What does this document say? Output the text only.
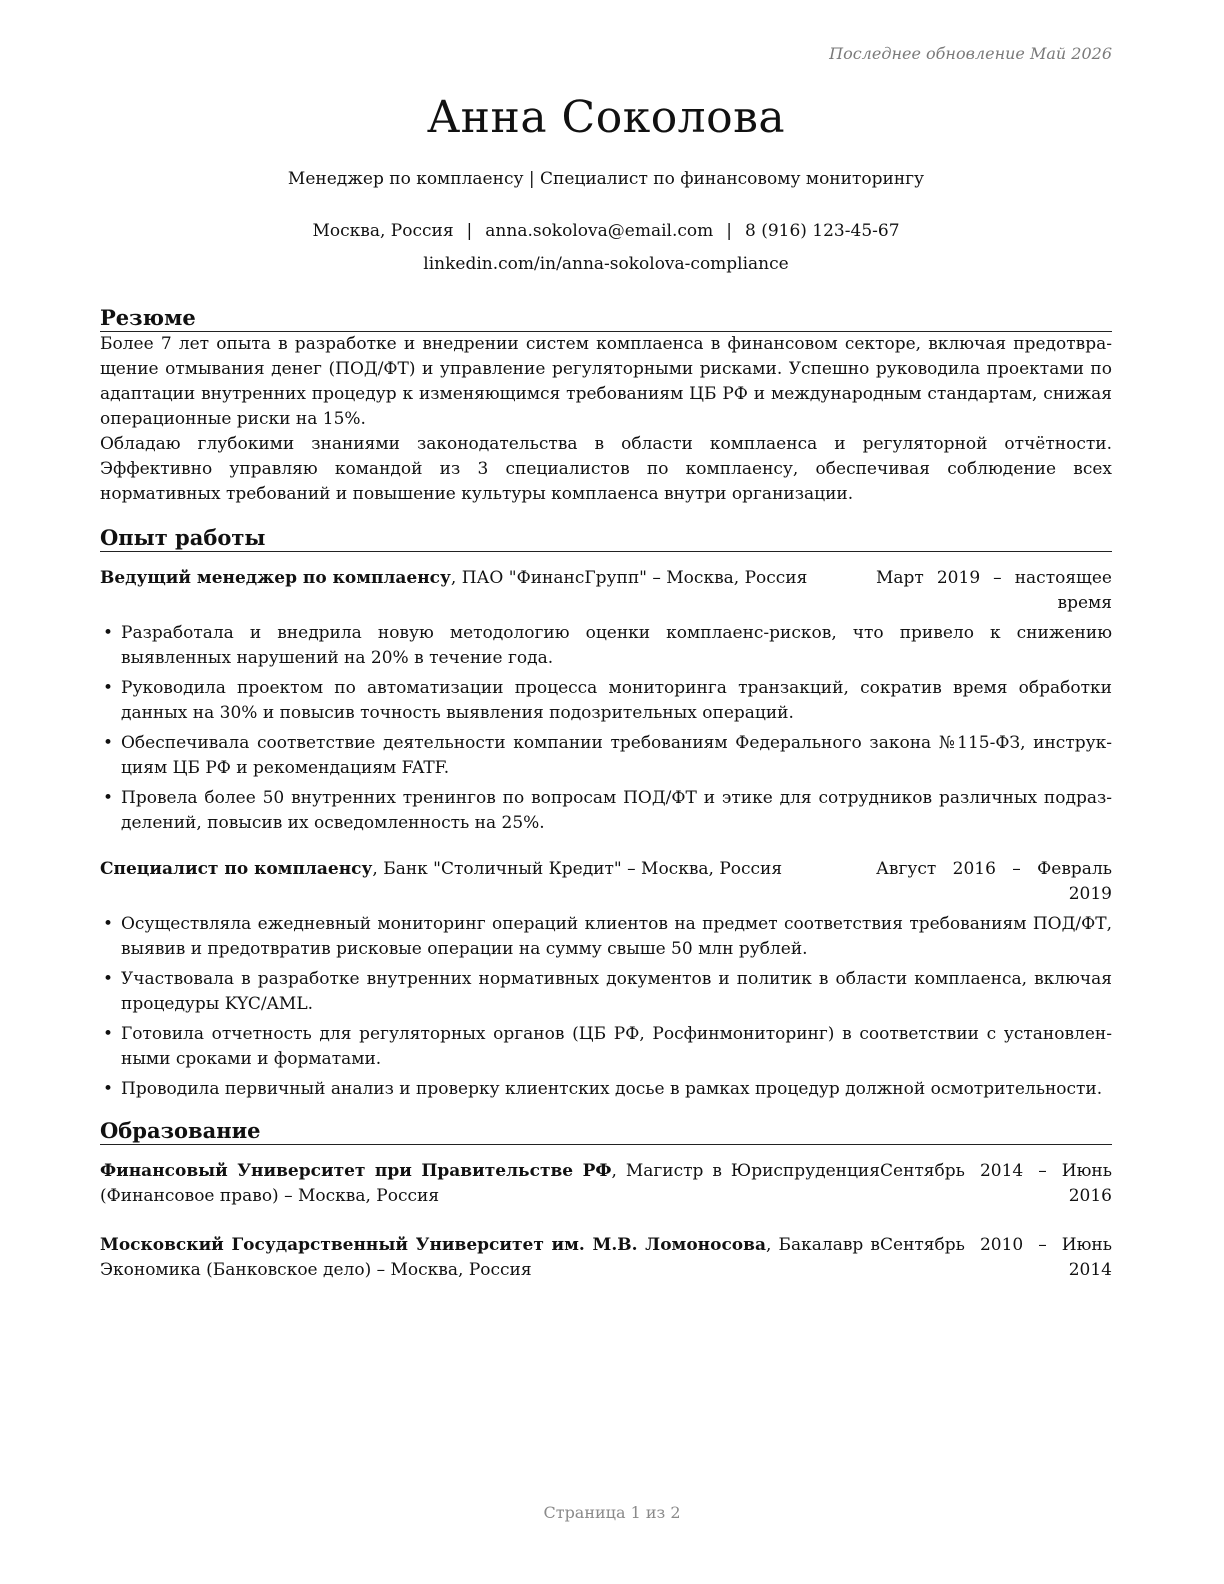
Последнее обновление Май 2026
Анна Соколова
Менеджер по комплаенсу | Специалист по финансовому мониторингу
Москва, Россия | anna.sokolova@email.com | 8 (916) 123-45-67
linkedin.com/in/anna-sokolova-compliance
Резюме

Более 7 лет опыта в разработке и внедрении систем комплаенса в финансовом секторе, включая предотвращение отмывания денег (ПОД/ФТ) и управление регуляторными рисками. Успешно руководила проектами по адаптации внутренних процедур к изменяющимся требованиям ЦБ РФ и международным стандартам, снижая операционные риски на 15%.

Обладаю глубокими знаниями законодательства в области комплаенса и регуляторной отчётности. Эффективно управляю командой из 3 специалистов по комплаенсу, обеспечивая соблюдение всех нормативных требований и повышение культуры комплаенса внутри организации.

Опыт работы
Ведущий менеджер по комплаенсу, ПАО "ФинансГрупп" – Москва, Россия	Март 2019 – настоящее время
• Разработала и внедрила новую методологию оценки комплаенс-рисков, что привело к снижению выявленных нарушений на 20% в течение года.
• Руководила проектом по автоматизации процесса мониторинга транзакций, сократив время обработки данных на 30% и повысив точность выявления подозрительных операций.
• Обеспечивала соответствие деятельности компании требованиям Федерального закона №115-ФЗ, инструкциям ЦБ РФ и рекомендациям FATF.
• Провела более 50 внутренних тренингов по вопросам ПОД/ФТ и этике для сотрудников различных подразделений, повысив их осведомленность на 25%.
Специалист по комплаенсу, Банк "Столичный Кредит" – Москва, Россия	Август 2016 – Февраль 2019
• Осуществляла ежедневный мониторинг операций клиентов на предмет соответствия требованиям ПОД/ФТ, выявив и предотвратив рисковые операции на сумму свыше 50 млн рублей.
• Участвовала в разработке внутренних нормативных документов и политик в области комплаенса, включая процедуры KYC/AML.
• Готовила отчетность для регуляторных органов (ЦБ РФ, Росфинмониторинг) в соответствии с установленными сроками и форматами.
• Проводила первичный анализ и проверку клиентских досье в рамках процедур должной осмотрительности.
Образование
Финансовый Университет при Правительстве РФ, Магистр в Юриспруденция (Финансовое право) – Москва, Россия
Сентябрь 2014 – Июнь 2016
Московский Государственный Университет им. М.В. Ломоносова, Бакалавр в Экономика (Банковское дело) – Москва, Россия
Сентябрь 2010 – Июнь 2014
Страница 1 из 2
